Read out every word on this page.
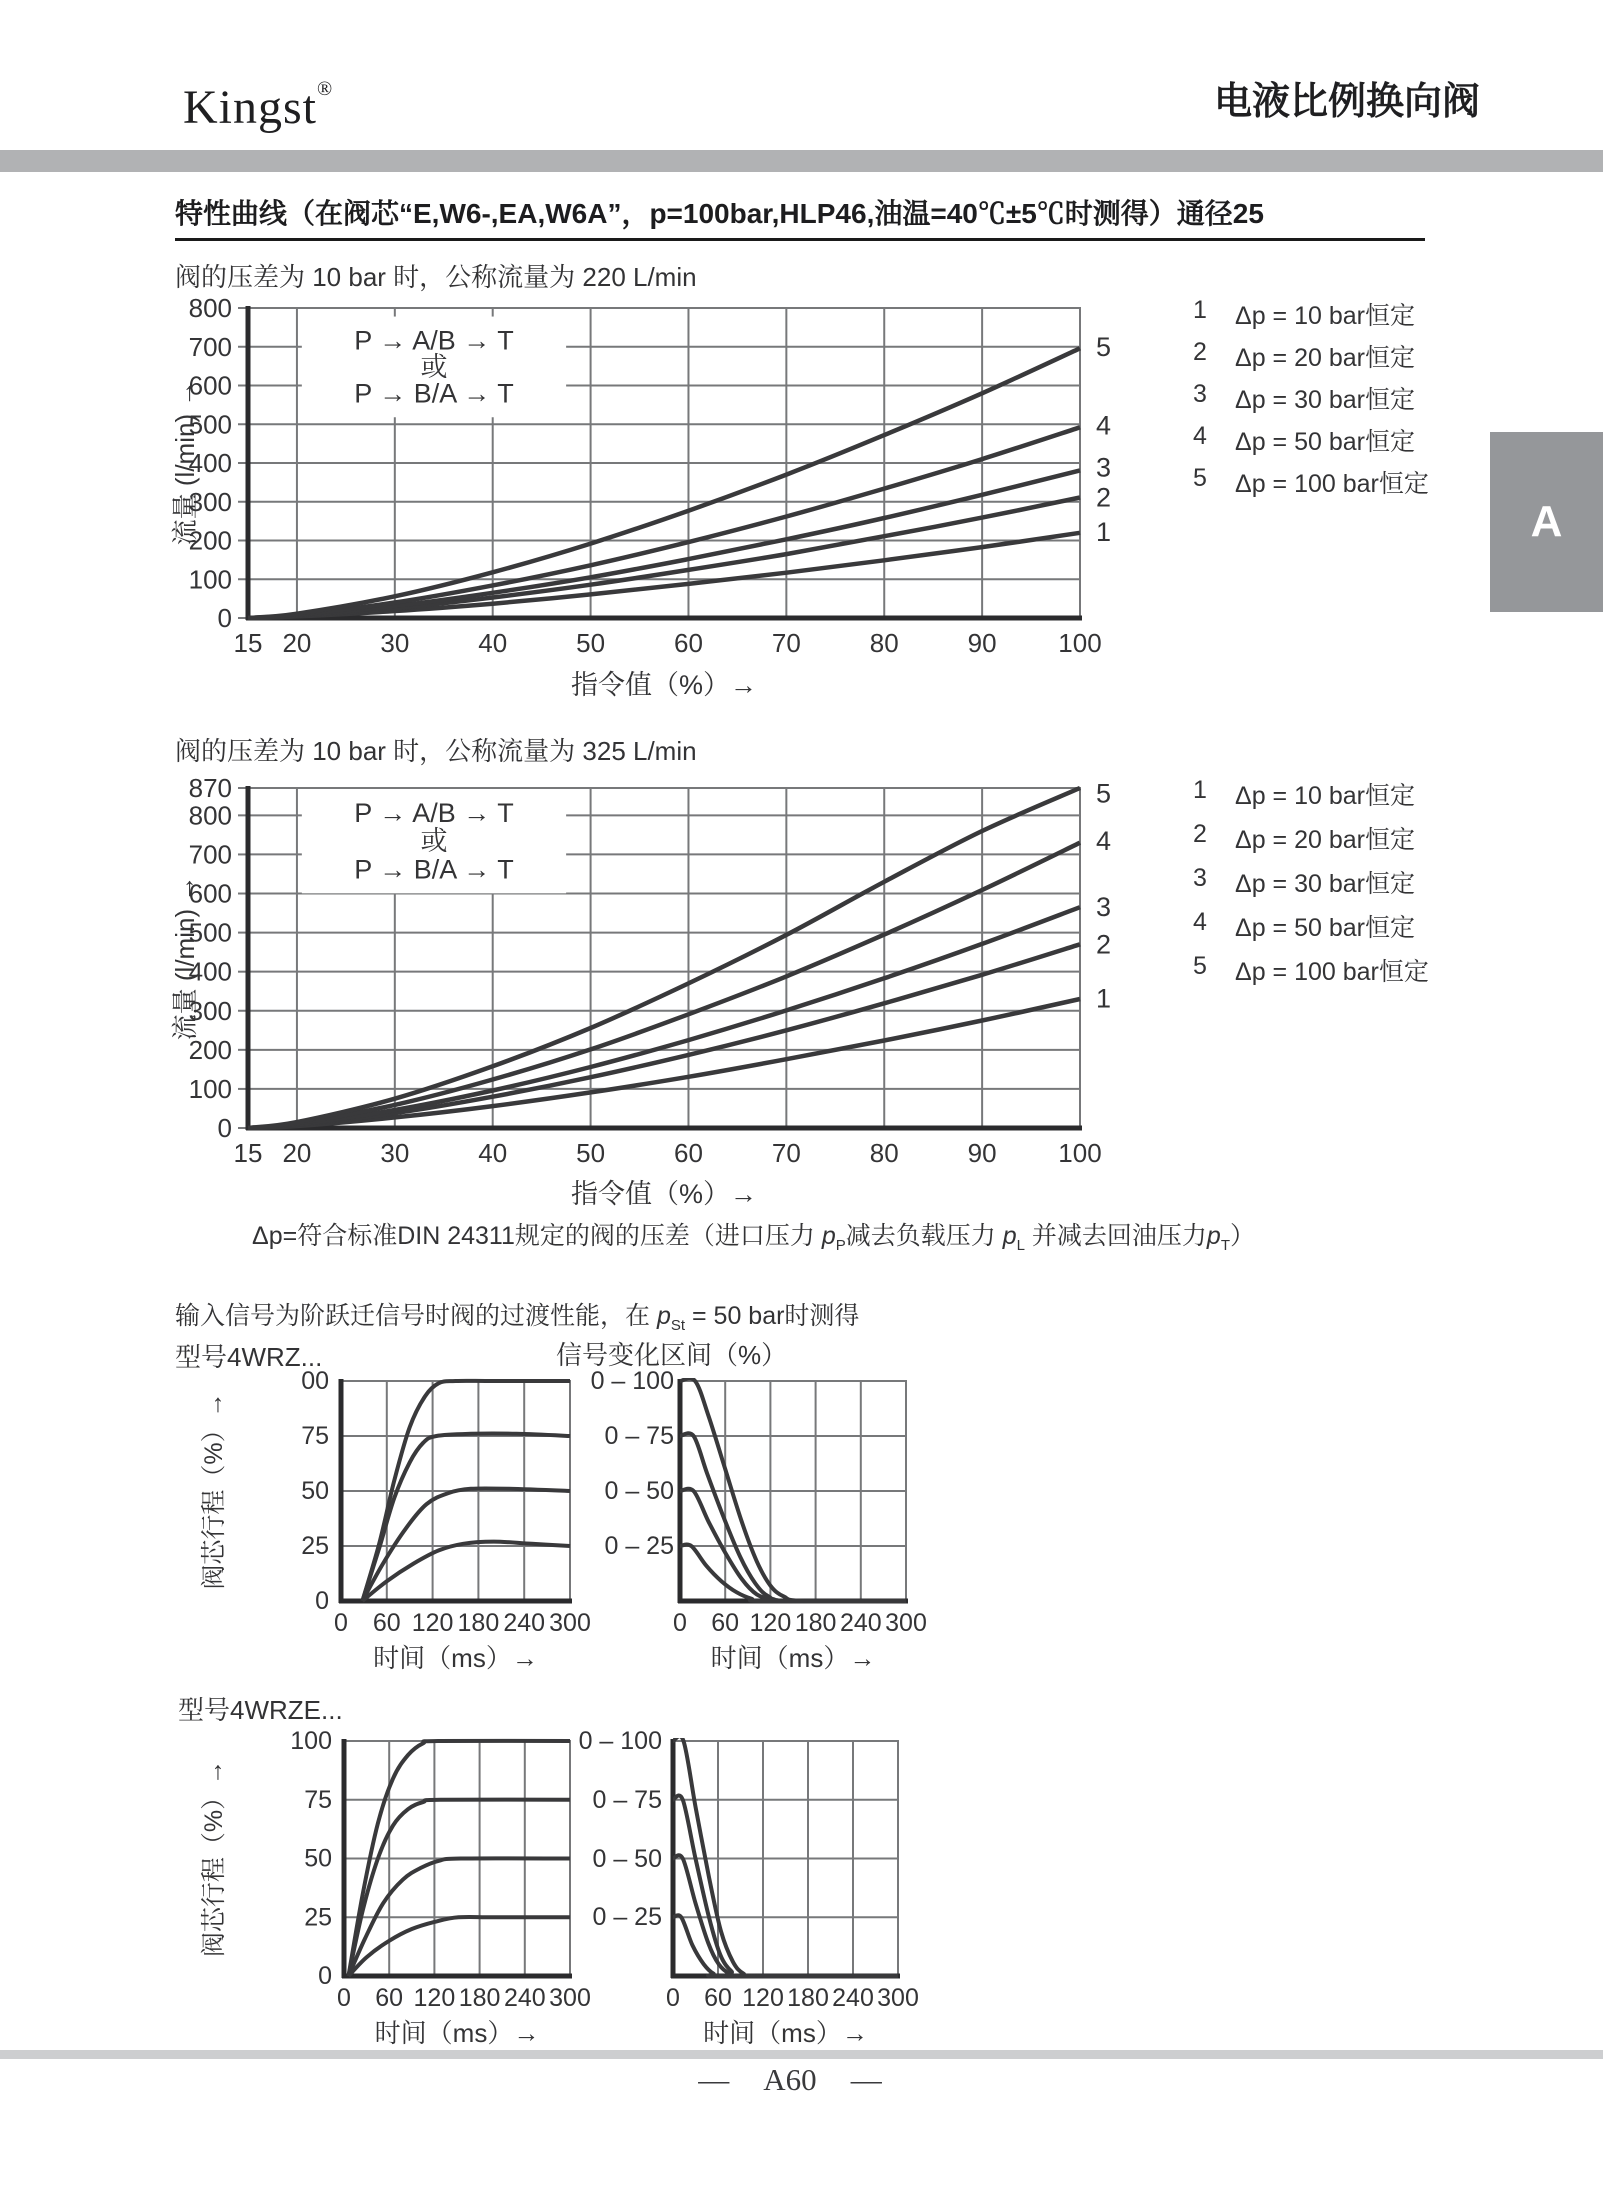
Kingst®	电液比例换向阀
特性曲线（在阀芯“E,W6-,EA,W6A”，p=100bar,HLP46,油温=40℃±5℃时测得）通径25
阀的压差为 10 bar 时，公称流量为 220 L/min
0
100
200
300
400
500
600
700
800
15 20	30	40	50	60	70	80	90 100
P → A/B → T
或
P → B/A → T
1
2
3
4
5
指令值（%）→
流量 (l/min) →
1	Δp = 10 bar恒定
2	Δp = 20 bar恒定
3	Δp = 30 bar恒定
4	Δp = 50 bar恒定
5	Δp = 100 bar恒定
A
阀的压差为 10 bar 时，公称流量为 325 L/min
0
100
200
300
400
500
600
700
800
870
15 20	30	40	50	60	70	80	90 100
P → A/B → T
或
P → B/A → T
1
2
3
4
5
指令值（%）→
流量 (l/min) →
1	Δp = 10 bar恒定
2	Δp = 20 bar恒定
3	Δp = 30 bar恒定
4	Δp = 50 bar恒定
5	Δp = 100 bar恒定
Δp=符合标准DIN 24311规定的阀的压差（进口压力 $p_P$减去负载压力 $p_L$ 并减去回油压力$p_T$）
输入信号为阶跃迁信号时阀的过渡性能，在 $p_{St} = 50$ bar时测得
型号4WRZ...	信号变化区间（%）
00
75
50
25
0
0 60 120 180 240 300
时间（ms）→
阀芯行程（%）→
0 – 100
0 – 75
0 – 50
0 – 25
0 60 120 180 240 300
时间（ms）→
型号4WRZE...
100
75
50
25
0
0 60 120 180 240 300
时间（ms）→
阀芯行程（%）→
0 – 100
0 – 75
0 – 50
0 – 25
0 60 120 180 240 300
时间（ms）→
— A60 —
